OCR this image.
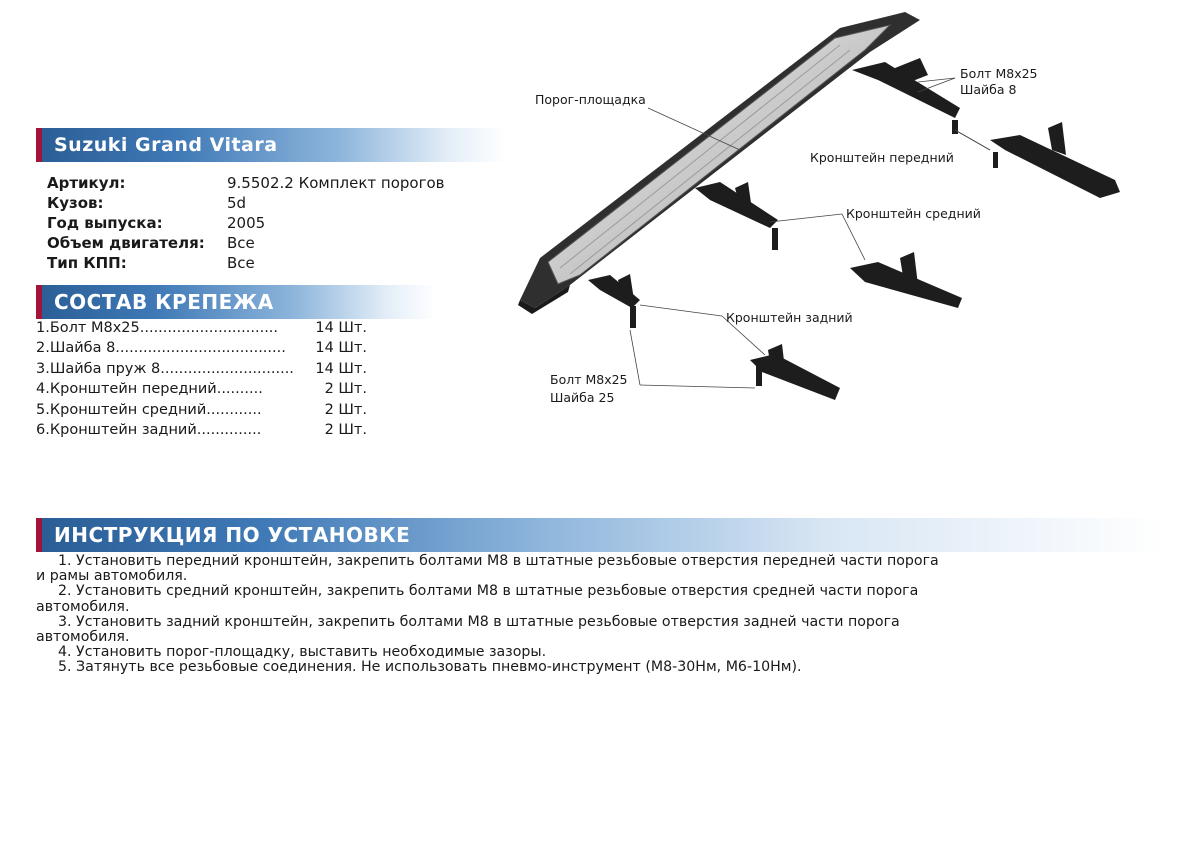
Suzuki Grand Vitara
Артикул:	9.5502.2 Комплект порогов
Кузов:	5d
Год выпуска:	2005
Объем двигателя:	Все
Тип КПП:	Все
СОСТАВ КРЕПЕЖА
1.Болт М8х25..............................	14 Шт.
2.Шайба 8.....................................	14 Шт.
3.Шайба пруж 8.............................	14 Шт.
4.Кронштейн передний..........	2 Шт.
5.Кронштейн средний............	2 Шт.
6.Кронштейн задний..............	2 Шт.
ИНСТРУКЦИЯ ПО УСТАНОВКЕ

1. Установить передний кронштейн, закрепить болтами М8 в штатные резьбовые отверстия передней части порога

и рамы автомобиля.

2. Установить средний кронштейн, закрепить болтами М8 в штатные резьбовые отверстия средней части порога

автомобиля.

3. Установить задний кронштейн, закрепить болтами М8 в штатные резьбовые отверстия задней части порога

автомобиля.

4. Установить порог-площадку, выставить необходимые зазоры.

5. Затянуть все резьбовые соединения. Не использовать пневмо-инструмент (М8-30Нм, М6-10Нм).

Порог-площадка
Болт М8х25
Шайба 8
Кронштейн передний
Кронштейн средний
Кронштейн задний
Болт М8х25
Шайба 25
